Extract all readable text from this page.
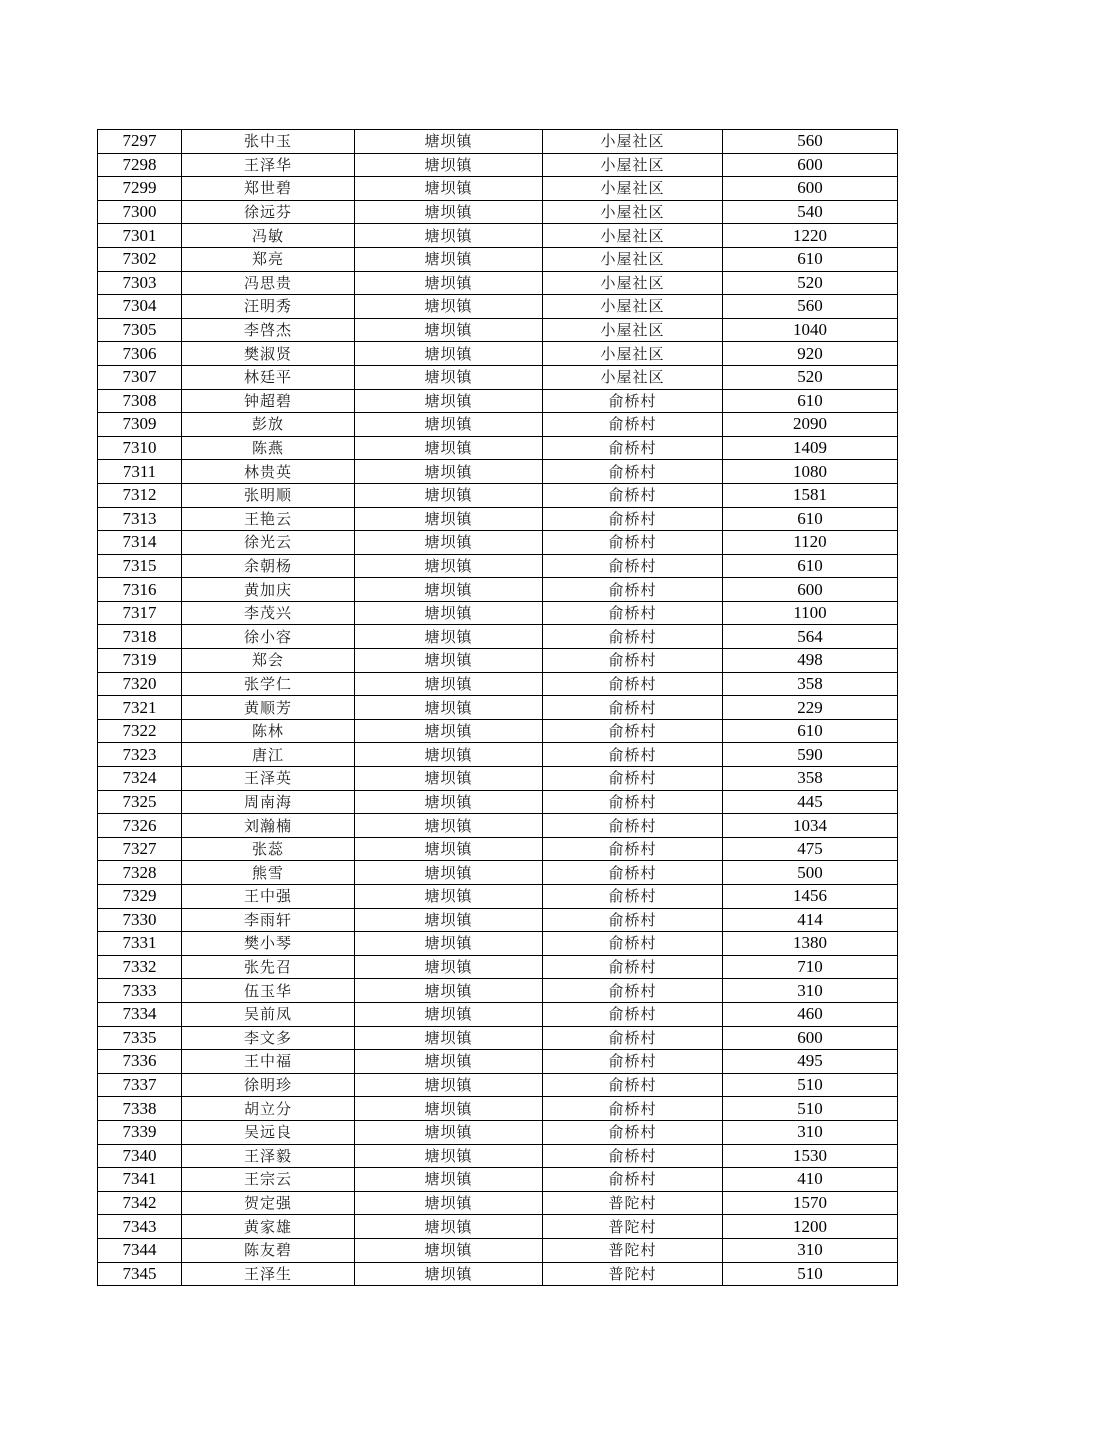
7297	张中玉	塘坝镇	小屋社区	560
7298	王泽华	塘坝镇	小屋社区	600
7299	郑世碧	塘坝镇	小屋社区	600
7300	徐远芬	塘坝镇	小屋社区	540
7301	冯敏	塘坝镇	小屋社区	1220
7302	郑亮	塘坝镇	小屋社区	610
7303	冯思贵	塘坝镇	小屋社区	520
7304	汪明秀	塘坝镇	小屋社区	560
7305	李啓杰	塘坝镇	小屋社区	1040
7306	樊淑贤	塘坝镇	小屋社区	920
7307	林廷平	塘坝镇	小屋社区	520
7308	钟超碧	塘坝镇	俞桥村	610
7309	彭放	塘坝镇	俞桥村	2090
7310	陈燕	塘坝镇	俞桥村	1409
7311	林贵英	塘坝镇	俞桥村	1080
7312	张明顺	塘坝镇	俞桥村	1581
7313	王艳云	塘坝镇	俞桥村	610
7314	徐光云	塘坝镇	俞桥村	1120
7315	余朝杨	塘坝镇	俞桥村	610
7316	黄加庆	塘坝镇	俞桥村	600
7317	李茂兴	塘坝镇	俞桥村	1100
7318	徐小容	塘坝镇	俞桥村	564
7319	郑会	塘坝镇	俞桥村	498
7320	张学仁	塘坝镇	俞桥村	358
7321	黄顺芳	塘坝镇	俞桥村	229
7322	陈林	塘坝镇	俞桥村	610
7323	唐江	塘坝镇	俞桥村	590
7324	王泽英	塘坝镇	俞桥村	358
7325	周南海	塘坝镇	俞桥村	445
7326	刘瀚楠	塘坝镇	俞桥村	1034
7327	张蕊	塘坝镇	俞桥村	475
7328	熊雪	塘坝镇	俞桥村	500
7329	王中强	塘坝镇	俞桥村	1456
7330	李雨轩	塘坝镇	俞桥村	414
7331	樊小琴	塘坝镇	俞桥村	1380
7332	张先召	塘坝镇	俞桥村	710
7333	伍玉华	塘坝镇	俞桥村	310
7334	吴前凤	塘坝镇	俞桥村	460
7335	李文多	塘坝镇	俞桥村	600
7336	王中福	塘坝镇	俞桥村	495
7337	徐明珍	塘坝镇	俞桥村	510
7338	胡立分	塘坝镇	俞桥村	510
7339	吴远良	塘坝镇	俞桥村	310
7340	王泽毅	塘坝镇	俞桥村	1530
7341	王宗云	塘坝镇	俞桥村	410
7342	贺定强	塘坝镇	普陀村	1570
7343	黄家雄	塘坝镇	普陀村	1200
7344	陈友碧	塘坝镇	普陀村	310
7345	王泽生	塘坝镇	普陀村	510
